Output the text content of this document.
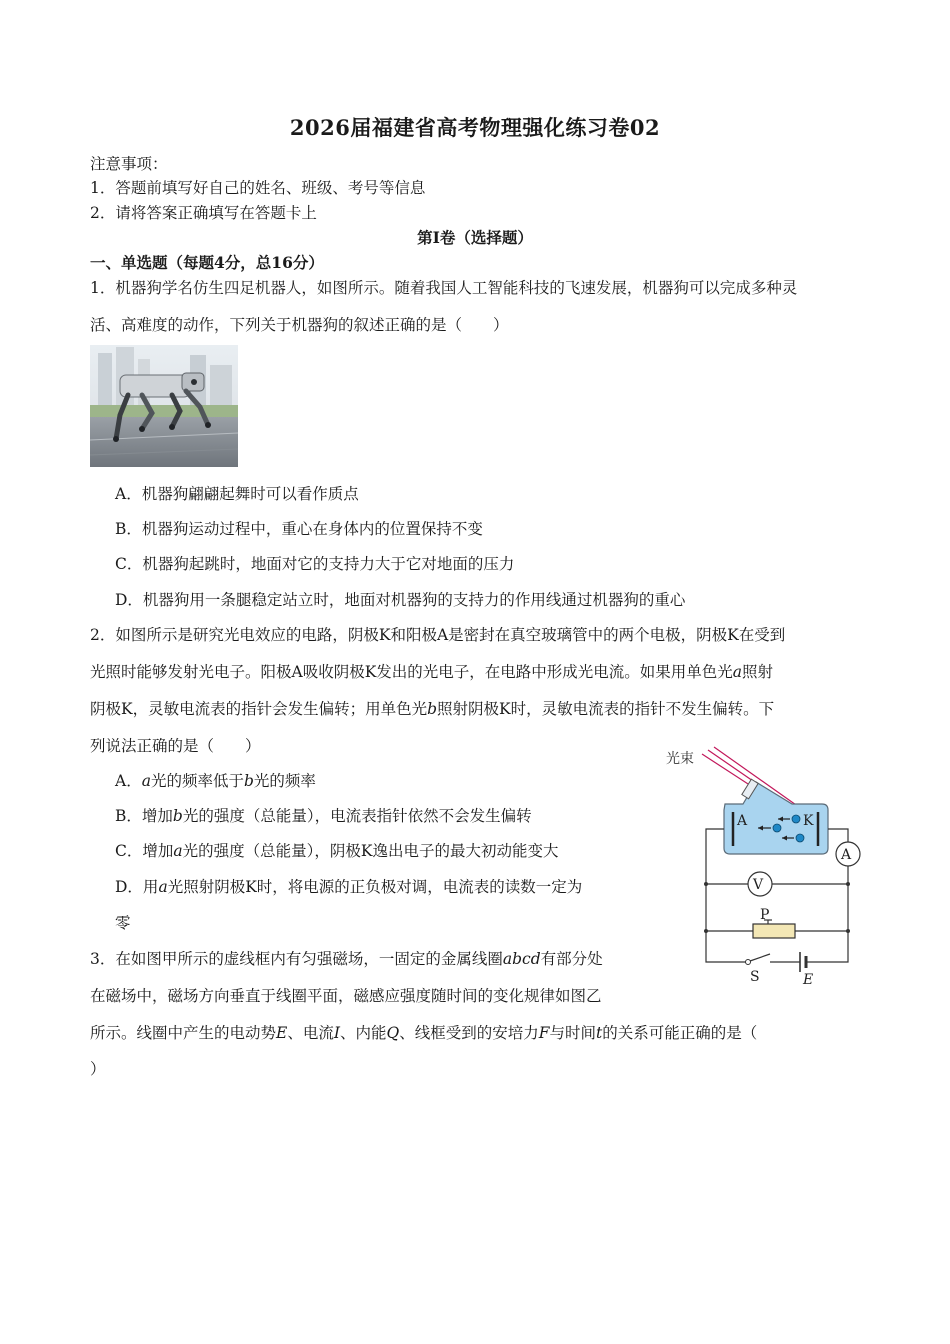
2026届福建省高考物理强化练习卷02
注意事项：
1．答题前填写好自己的姓名、班级、考号等信息
2．请将答案正确填写在答题卡上
第I卷（选择题）
一、单选题（每题4分，总16分）
1．机器狗学名仿生四足机器人，如图所示。随着我国人工智能科技的飞速发展，机器狗可以完成多种灵
活、高难度的动作，下列关于机器狗的叙述正确的是（　　）
A．机器狗翩翩起舞时可以看作质点
B．机器狗运动过程中，重心在身体内的位置保持不变
C．机器狗起跳时，地面对它的支持力大于它对地面的压力
D．机器狗用一条腿稳定站立时，地面对机器狗的支持力的作用线通过机器狗的重心
2．如图所示是研究光电效应的电路，阴极K和阳极A是密封在真空玻璃管中的两个电极，阴极K在受到
光照时能够发射光电子。阳极A吸收阴极K发出的光电子，在电路中形成光电流。如果用单色光a照射
阴极K，灵敏电流表的指针会发生偏转；用单色光b照射阴极K时，灵敏电流表的指针不发生偏转。下
列说法正确的是（　　）
A．a光的频率低于b光的频率
B．增加b光的强度（总能量），电流表指针依然不会发生偏转
C．增加a光的强度（总能量），阴极K逸出电子的最大初动能变大
D．用a光照射阴极K时，将电源的正负极对调，电流表的读数一定为
零
光束
A	K
A
V
P
S	E
3．在如图甲所示的虚线框内有匀强磁场，一固定的金属线圈abcd有部分处
在磁场中，磁场方向垂直于线圈平面，磁感应强度随时间的变化规律如图乙
所示。线圈中产生的电动势E、电流I、内能Q、线框受到的安培力F与时间t的关系可能正确的是（
）
